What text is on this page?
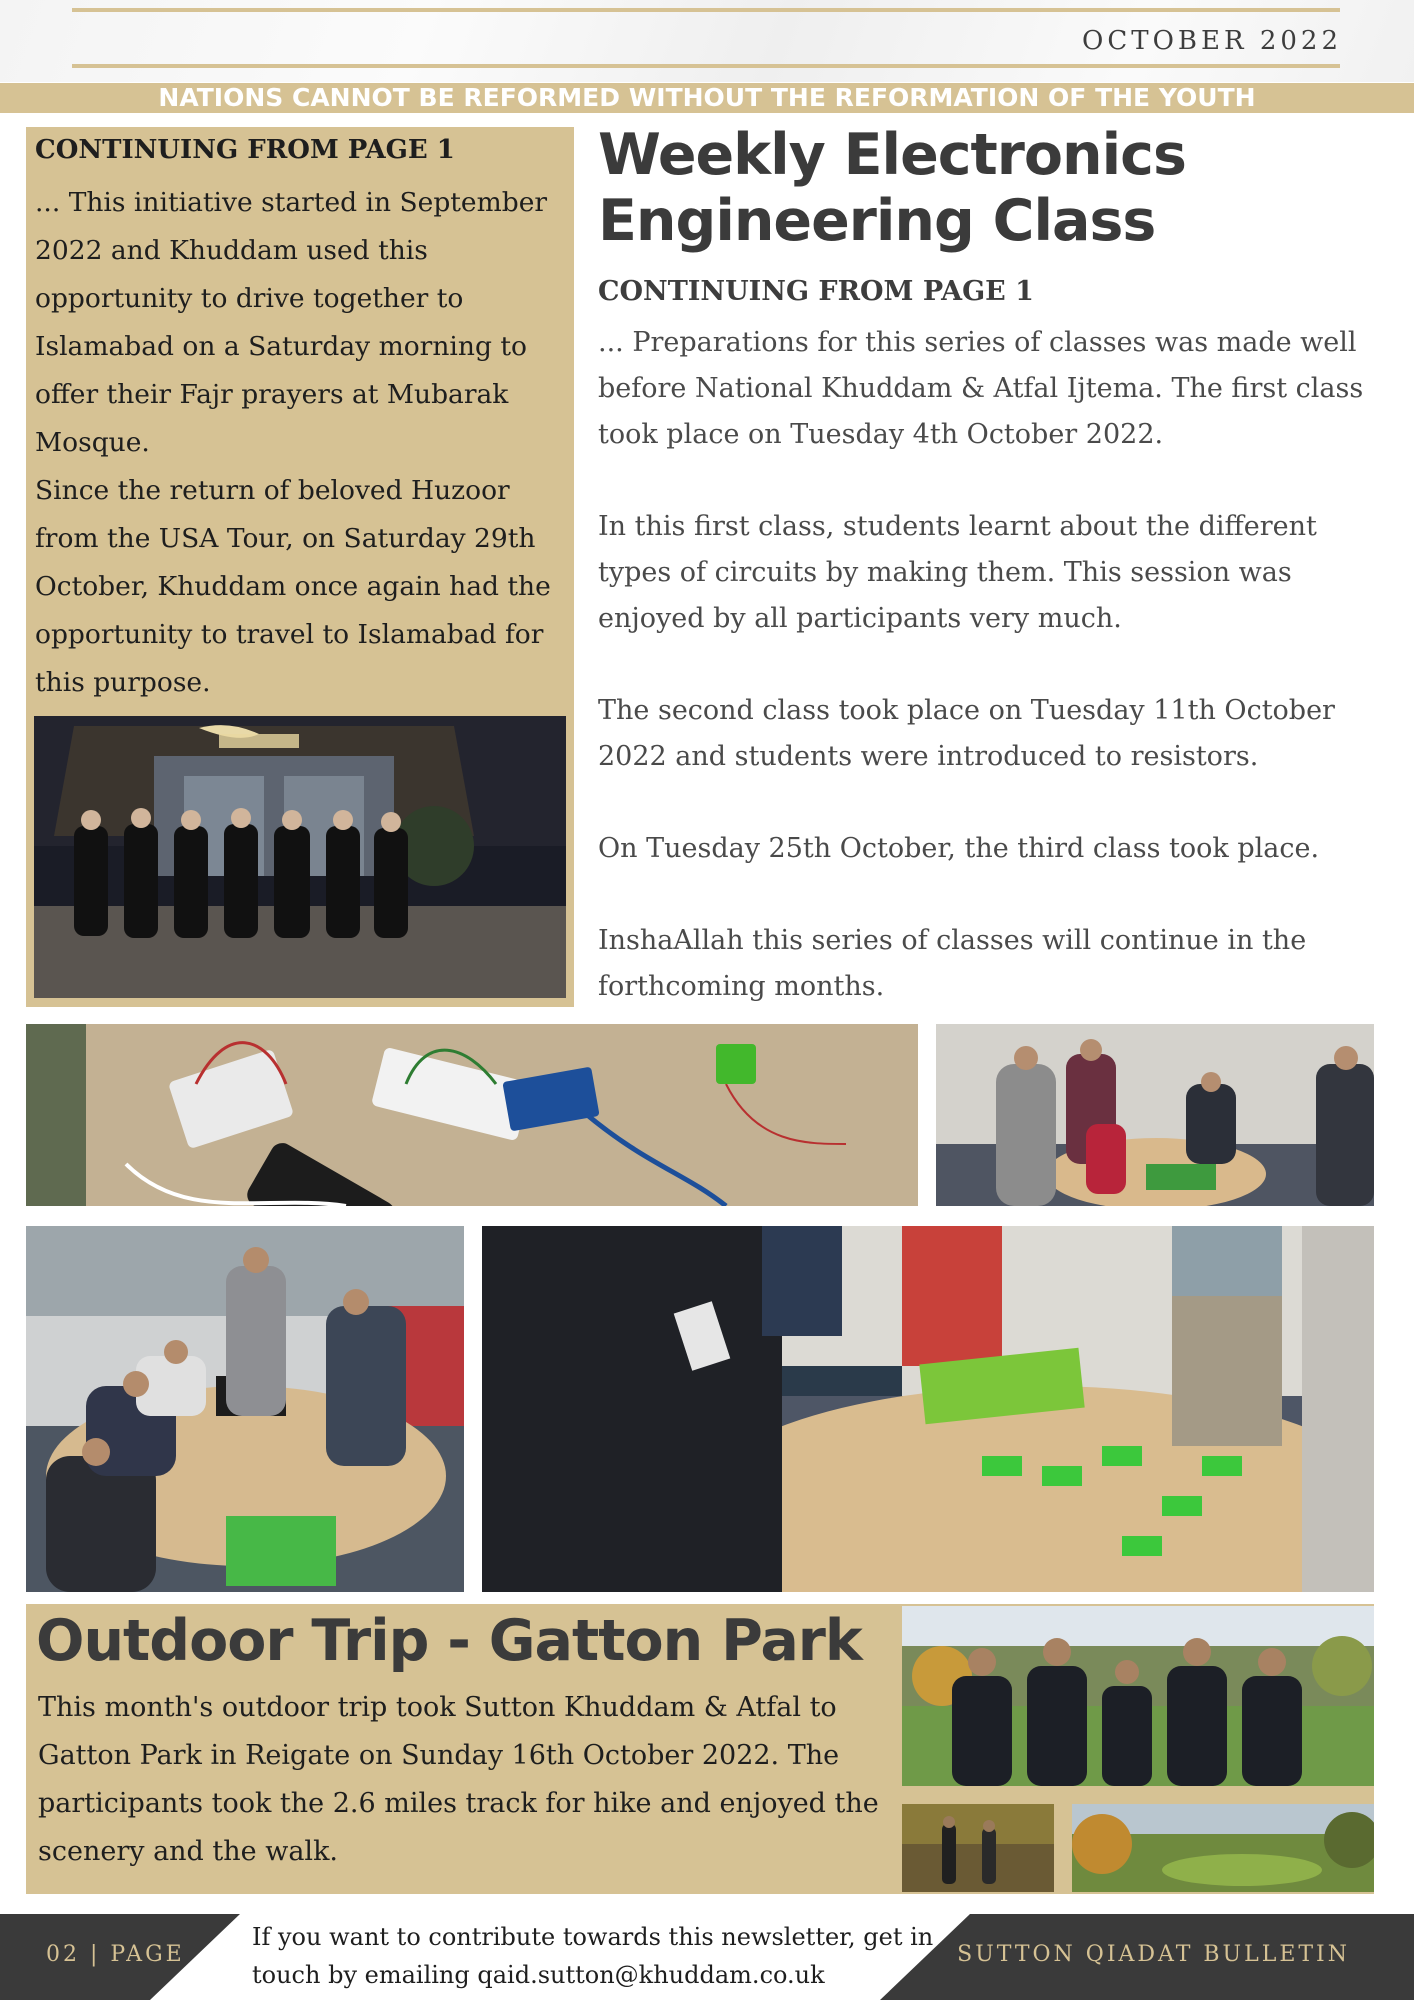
OCTOBER 2022
NATIONS CANNOT BE REFORMED WITHOUT THE REFORMATION OF THE YOUTH
CONTINUING FROM PAGE 1
... This initiative started in September 2022 and Khuddam used this opportunity to drive together to Islamabad on a Saturday morning to offer their Fajr prayers at Mubarak Mosque.
Since the return of beloved Huzoor from the USA Tour, on Saturday 29th October, Khuddam once again had the opportunity to travel to Islamabad for this purpose.
Weekly Electronics
Engineering Class
CONTINUING FROM PAGE 1

... Preparations for this series of classes was made well before National Khuddam & Atfal Ijtema. The first class took place on Tuesday 4th October 2022.

In this first class, students learnt about the different types of circuits by making them. This session was enjoyed by all participants very much.

The second class took place on Tuesday 11th October 2022 and students were introduced to resistors.

On Tuesday 25th October, the third class took place.

InshaAllah this series of classes will continue in the forthcoming months.

Outdoor Trip - Gatton Park
This month's outdoor trip took Sutton Khuddam & Atfal to Gatton Park in Reigate on Sunday 16th October 2022. The participants took the 2.6 miles track for hike and enjoyed the scenery and the walk.
02 | PAGE
If you want to contribute towards this newsletter, get in touch by emailing qaid.sutton@khuddam.co.uk
SUTTON QIADAT BULLETIN
